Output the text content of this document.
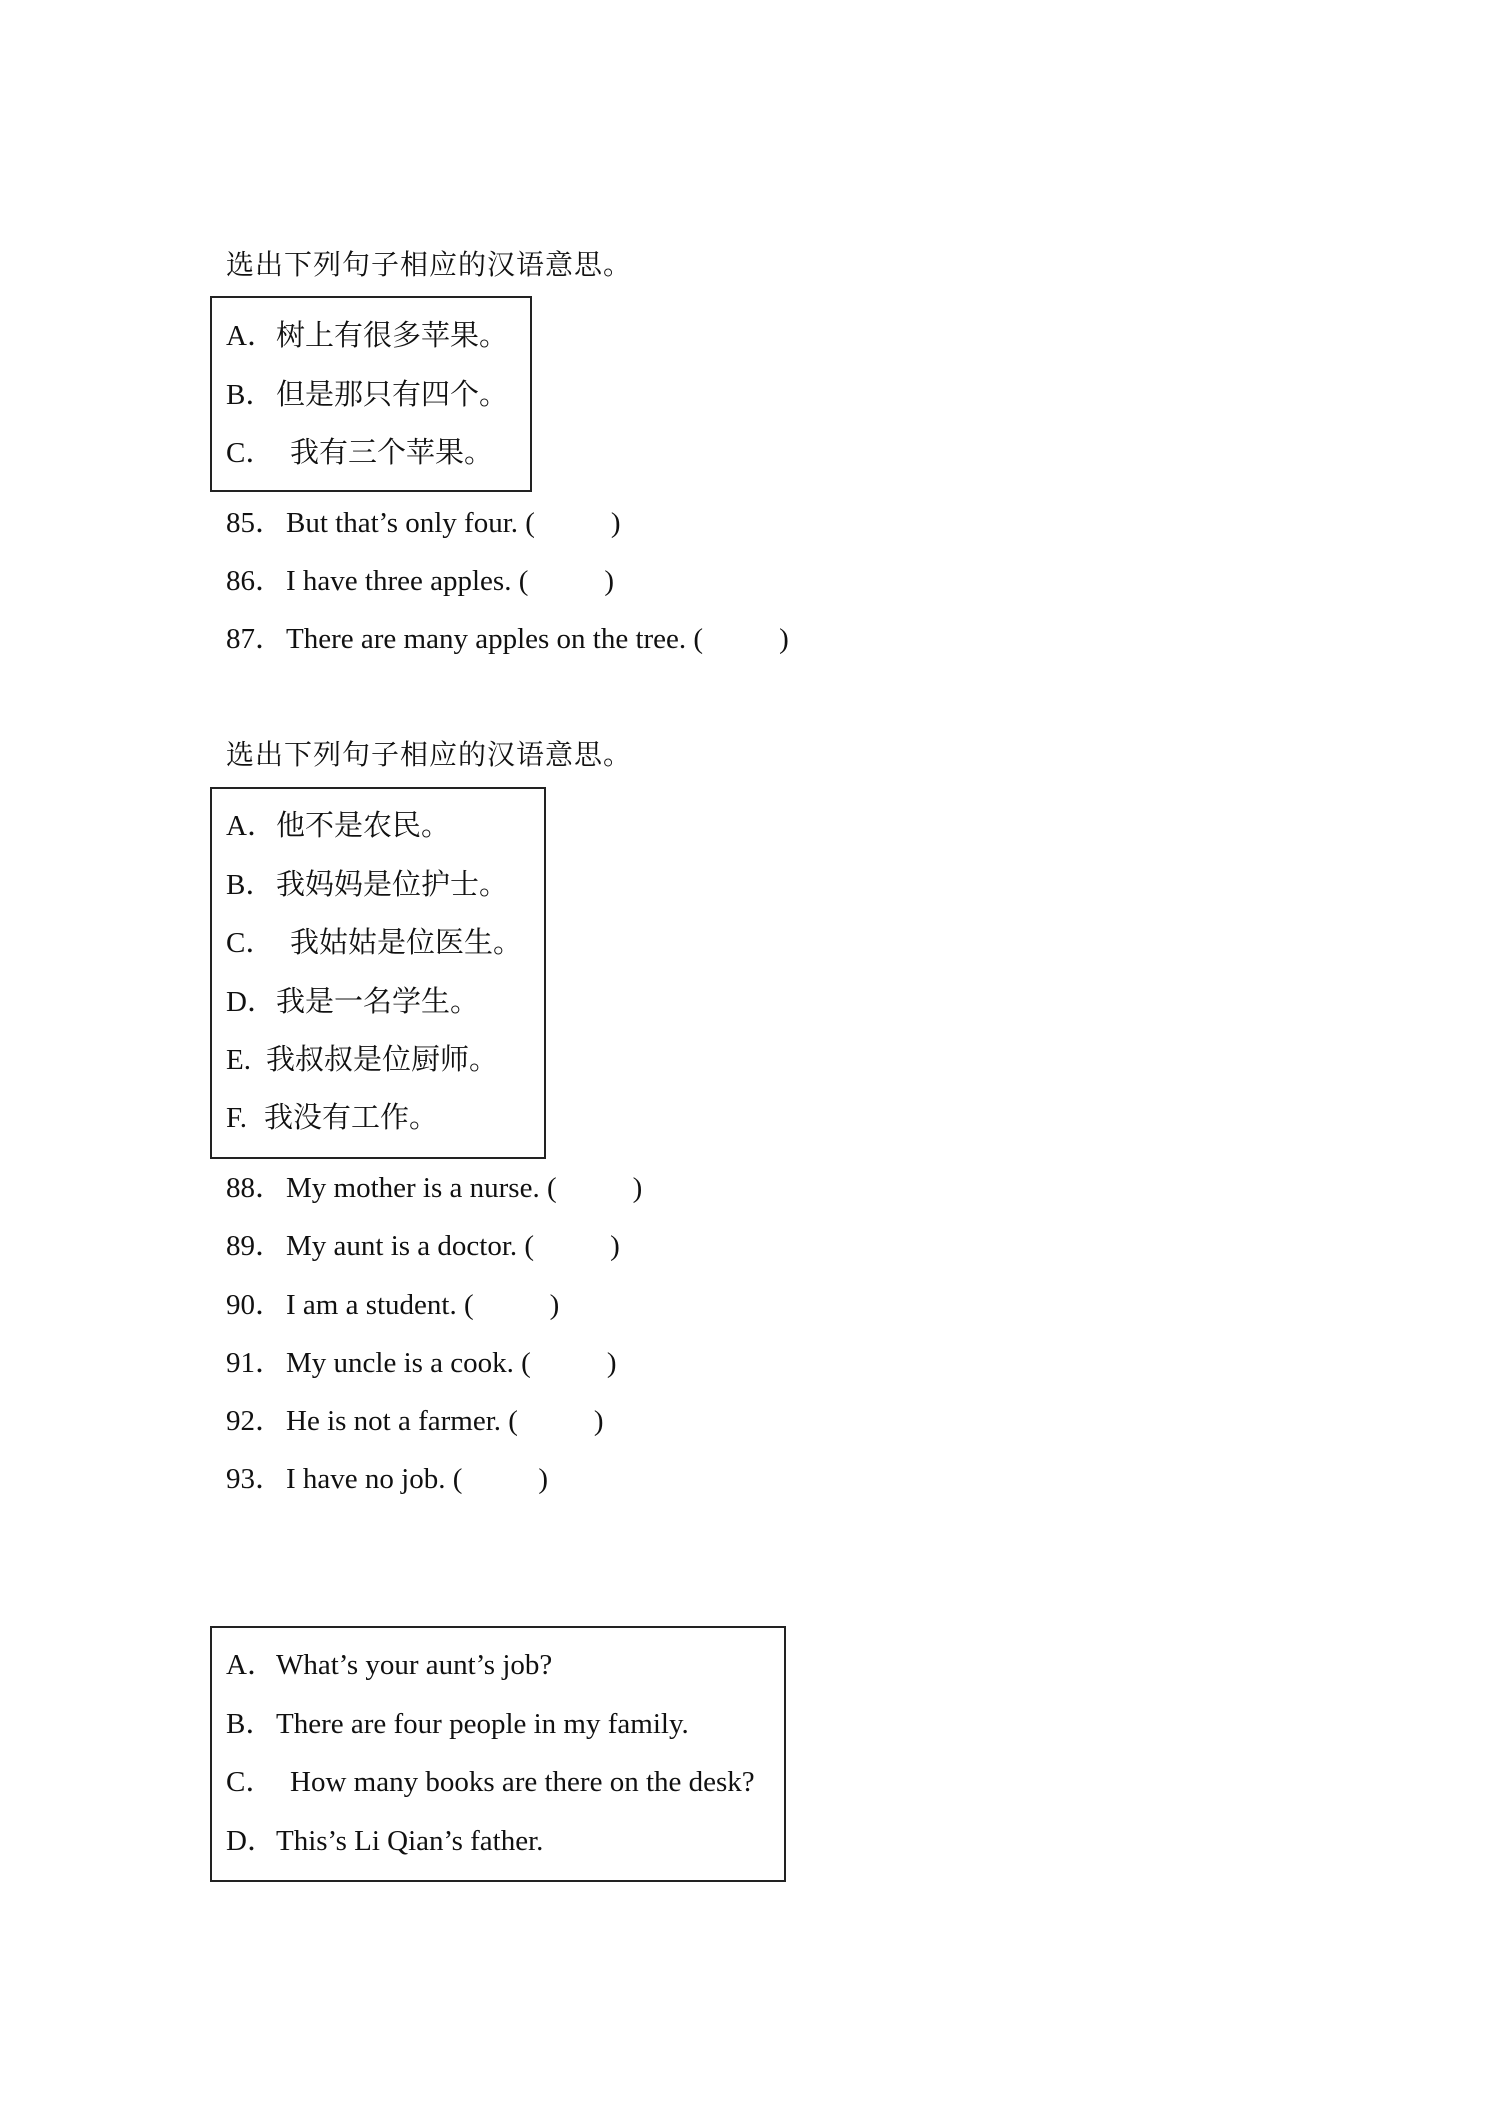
选出下列句子相应的汉语意思。
A．树上有很多苹果。
B．但是那只有四个。
C． 我有三个苹果。
85．But that’s only four. (	)
86．I have three apples. (	)
87．There are many apples on the tree. (	)
选出下列句子相应的汉语意思。
A．他不是农民。
B．我妈妈是位护士。
C． 我姑姑是位医生。
D．我是一名学生。
E. 我叔叔是位厨师。
F. 我没有工作。
88．My mother is a nurse. (	)
89．My aunt is a doctor. (	)
90．I am a student. (	)
91．My uncle is a cook. (	)
92．He is not a farmer. (	)
93．I have no job. (	)
A．What’s your aunt’s job?
B．There are four people in my family.
C． How many books are there on the desk?
D．This’s Li Qian’s father.
